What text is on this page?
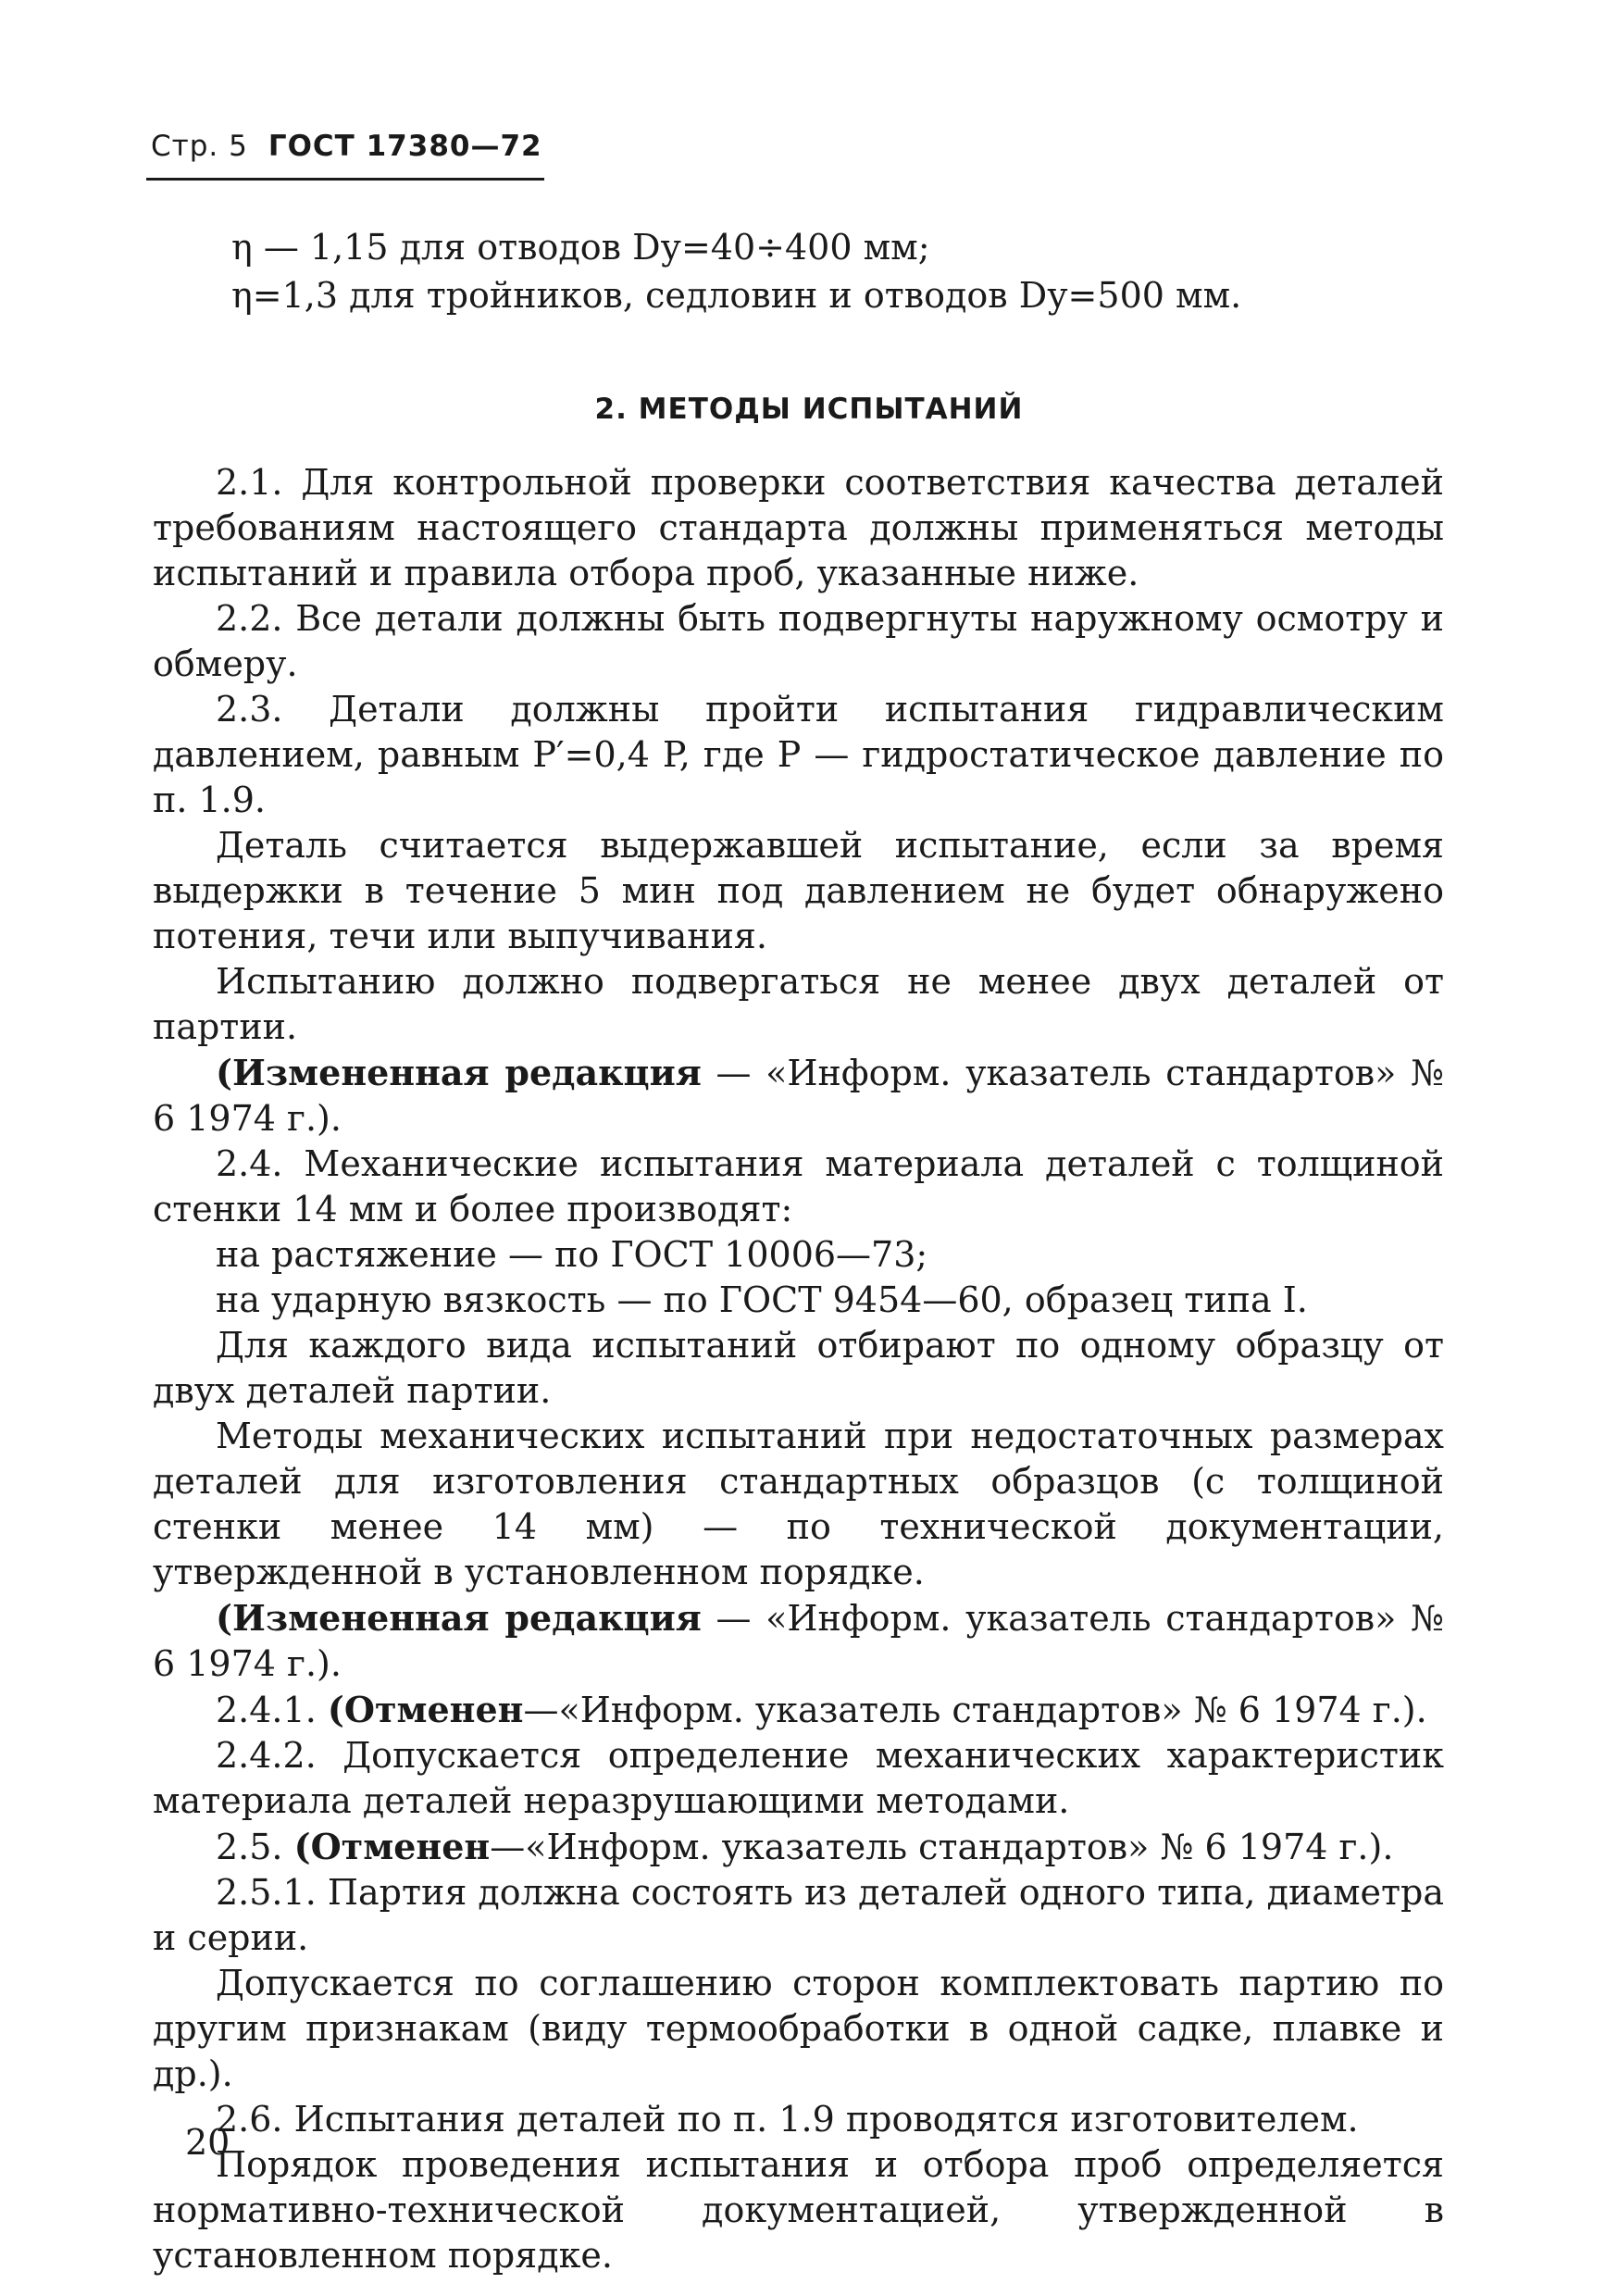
Стр. 5 ГОСТ 17380—72
η — 1,15 для отводов Dу=40÷400 мм;
η=1,3 для тройников, седловин и отводов Dу=500 мм.
2. МЕТОДЫ ИСПЫТАНИЙ

2.1. Для контрольной проверки соответствия качества деталей требованиям настоящего стандарта должны применяться методы испытаний и правила отбора проб, указанные ниже.

2.2. Все детали должны быть подвергнуты наружному осмотру и обмеру.

2.3. Детали должны пройти испытания гидравлическим давлением, равным P′=0,4 P, где P — гидростатическое давление по п. 1.9.

Деталь считается выдержавшей испытание, если за время выдержки в течение 5 мин под давлением не будет обнаружено потения, течи или выпучивания.

Испытанию должно подвергаться не менее двух деталей от партии.

(Измененная редакция — «Информ. указатель стандартов» № 6 1974 г.).

2.4. Механические испытания материала деталей с толщиной стенки 14 мм и более производят:

на растяжение — по ГОСТ 10006—73;

на ударную вязкость — по ГОСТ 9454—60, образец типа I.

Для каждого вида испытаний отбирают по одному образцу от двух деталей партии.

Методы механических испытаний при недостаточных размерах деталей для изготовления стандартных образцов (с толщиной стенки менее 14 мм) — по технической документации, утвержденной в установленном порядке.

(Измененная редакция — «Информ. указатель стандартов» № 6 1974 г.).

2.4.1. (Отменен—«Информ. указатель стандартов» № 6 1974 г.).

2.4.2. Допускается определение механических характеристик материала деталей неразрушающими методами.

2.5. (Отменен—«Информ. указатель стандартов» № 6 1974 г.).

2.5.1. Партия должна состоять из деталей одного типа, диаметра и серии.

Допускается по соглашению сторон комплектовать партию по другим признакам (виду термообработки в одной садке, плавке и др.).

2.6. Испытания деталей по п. 1.9 проводятся изготовителем.

Порядок проведения испытания и отбора проб определяется нормативно-технической документацией, утвержденной в установленном порядке.

20
